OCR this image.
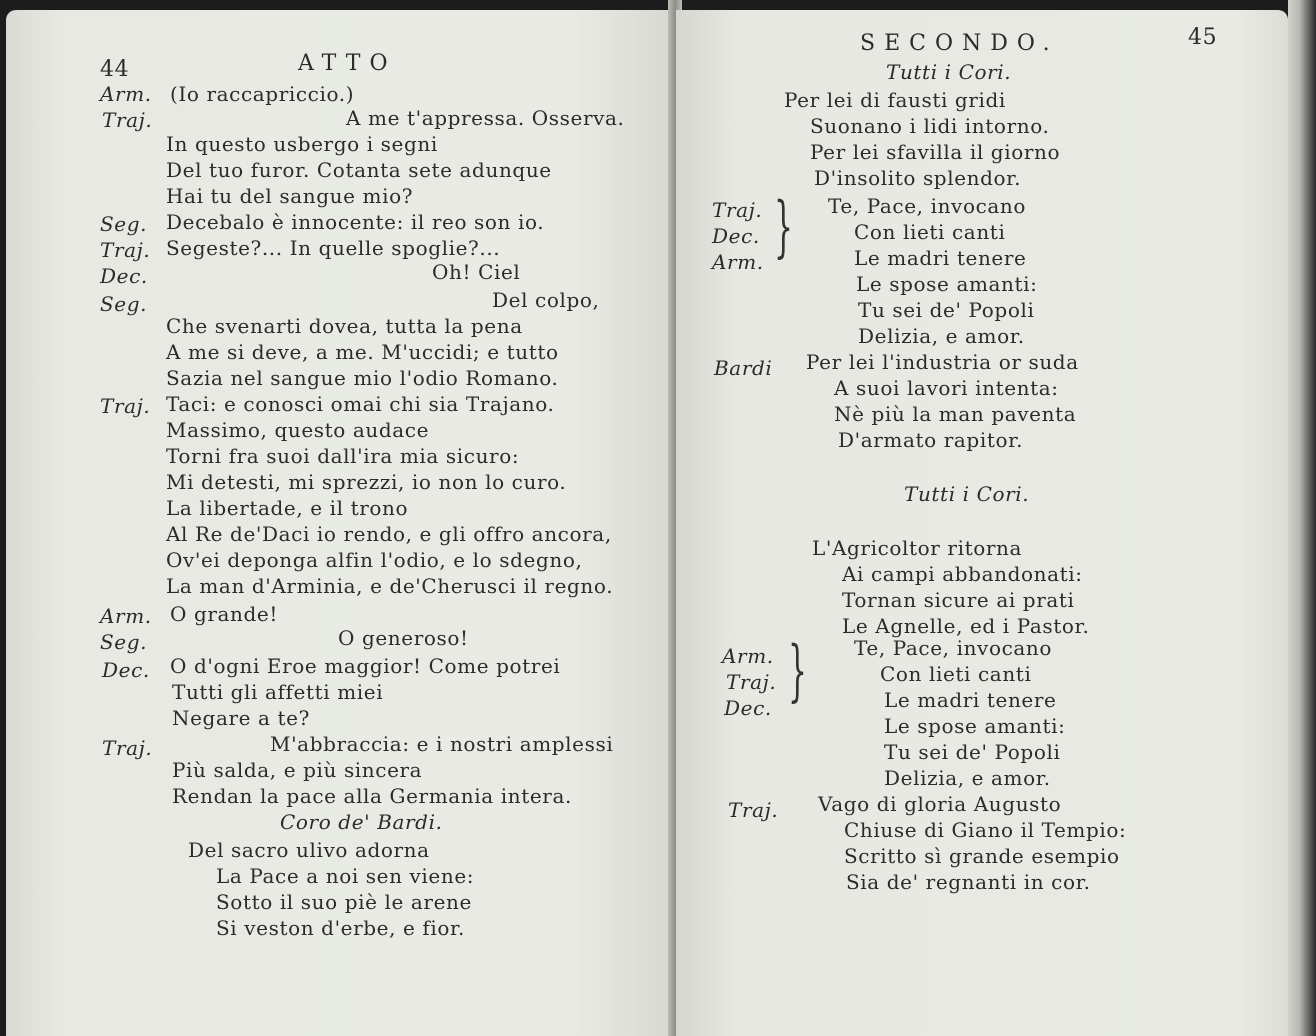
44	ATTO
Arm. (Io raccapriccio.)
Traj.	A me t'appressa. Osserva.
In questo usbergo i segni
Del tuo furor. Cotanta sete adunque
Hai tu del sangue mio?
Seg. Decebalo è innocente: il reo son io.
Traj. Segeste?... In quelle spoglie?...
Dec.	Oh! Ciel
Seg.	Del colpo,
Che svenarti dovea, tutta la pena
A me si deve, a me. M'uccidi; e tutto
Sazia nel sangue mio l'odio Romano.
Traj. Taci: e conosci omai chi sia Trajano.
Massimo, questo audace
Torni fra suoi dall'ira mia sicuro:
Mi detesti, mi sprezzi, io non lo curo.
La libertade, e il trono
Al Re de'Daci io rendo, e gli offro ancora,
Ov'ei deponga alfin l'odio, e lo sdegno,
La man d'Arminia, e de'Cherusci il regno.
Arm. O grande!
Seg.	O generoso!
Dec. O d'ogni Eroe maggior! Come potrei
Tutti gli affetti miei
Negare a te?
Traj.	M'abbraccia: e i nostri amplessi
Più salda, e più sincera
Rendan la pace alla Germania intera.
Coro de' Bardi.
Del sacro ulivo adorna
La Pace a noi sen viene:
Sotto il suo piè le arene
Si veston d'erbe, e fior.
SECONDO.	45
Tutti i Cori.
Per lei di fausti gridi
Suonano i lidi intorno.
Per lei sfavilla il giorno
D'insolito splendor.
Traj.
Dec.
Arm. } Te, Pace, invocano
Con lieti canti
Le madri tenere
Le spose amanti:
Tu sei de' Popoli
Delizia, e amor.
Bardi Per lei l'industria or suda
A suoi lavori intenta:
Nè più la man paventa
D'armato rapitor.
Tutti i Cori.
L'Agricoltor ritorna
Ai campi abbandonati:
Tornan sicure ai prati
Le Agnelle, ed i Pastor.
Arm.
Traj.
Dec. } Te, Pace, invocano
Con lieti canti
Le madri tenere
Le spose amanti:
Tu sei de' Popoli
Delizia, e amor.
Traj. Vago di gloria Augusto
Chiuse di Giano il Tempio:
Scritto sì grande esempio
Sia de' regnanti in cor.
